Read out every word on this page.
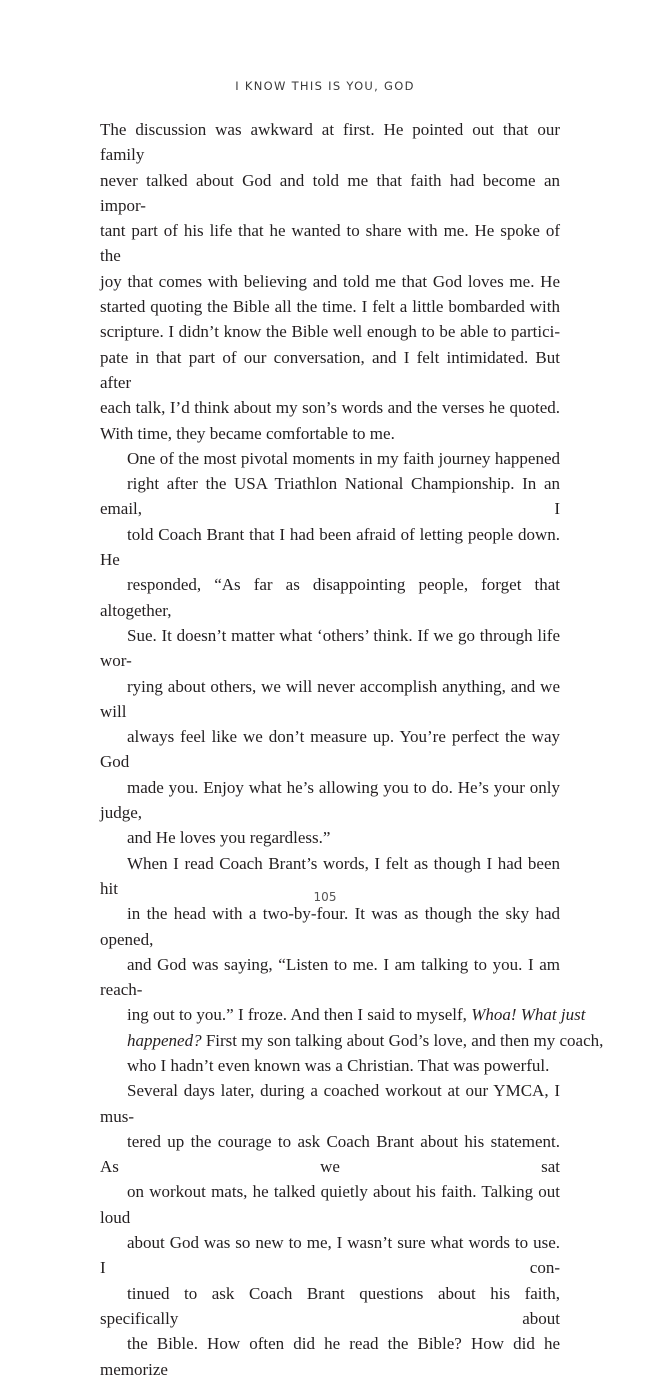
I KNOW THIS IS YOU, GOD

The discussion was awkward at first. He pointed out that our family
never talked about God and told me that faith had become an impor-
tant part of his life that he wanted to share with me. He spoke of the
joy that comes with believing and told me that God loves me. He
started quoting the Bible all the time. I felt a little bombarded with
scripture. I didn’t know the Bible well enough to be able to partici-
pate in that part of our conversation, and I felt intimidated. But after
each talk, I’d think about my son’s words and the verses he quoted.
With time, they became comfortable to me.

One of the most pivotal moments in my faith journey happened
right after the USA Triathlon National Championship. In an email, I
told Coach Brant that I had been afraid of letting people down. He
responded, “As far as disappointing people, forget that altogether,
Sue. It doesn’t matter what ‘others’ think. If we go through life wor-
rying about others, we will never accomplish anything, and we will
always feel like we don’t measure up. You’re perfect the way God
made you. Enjoy what he’s allowing you to do. He’s your only judge,
and He loves you regardless.”

When I read Coach Brant’s words, I felt as though I had been hit
in the head with a two-by-four. It was as though the sky had opened,
and God was saying, “Listen to me. I am talking to you. I am reach-
ing out to you.” I froze. And then I said to myself, Whoa! What just
happened? First my son talking about God’s love, and then my coach,
who I hadn’t even known was a Christian. That was powerful.

Several days later, during a coached workout at our YMCA, I mus-
tered up the courage to ask Coach Brant about his statement. As we sat
on workout mats, he talked quietly about his faith. Talking out loud
about God was so new to me, I wasn’t sure what words to use. I con-
tinued to ask Coach Brant questions about his faith, specifically about
the Bible. How often did he read the Bible? How did he memorize

105
